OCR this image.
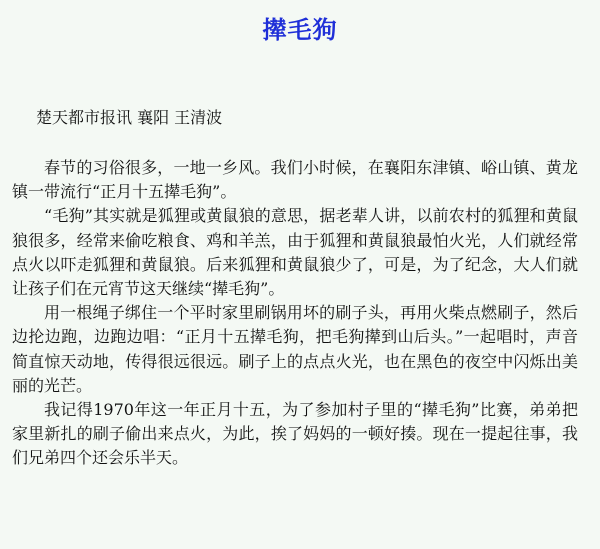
撵毛狗
楚天都市报讯 襄阳 王清波

春节的习俗很多，一地一乡风。我们小时候，在襄阳东津镇、峪山镇、黄龙镇一带流行“正月十五撵毛狗”。

“毛狗”其实就是狐狸或黄鼠狼的意思，据老辈人讲，以前农村的狐狸和黄鼠狼很多，经常来偷吃粮食、鸡和羊羔，由于狐狸和黄鼠狼最怕火光，人们就经常点火以吓走狐狸和黄鼠狼。后来狐狸和黄鼠狼少了，可是，为了纪念，大人们就让孩子们在元宵节这天继续“撵毛狗”。

用一根绳子绑住一个平时家里刷锅用坏的刷子头，再用火柴点燃刷子，然后边抡边跑，边跑边唱：“正月十五撵毛狗，把毛狗撵到山后头。”一起唱时，声音简直惊天动地，传得很远很远。刷子上的点点火光，也在黑色的夜空中闪烁出美丽的光芒。

我记得1970年这一年正月十五，为了参加村子里的“撵毛狗”比赛，弟弟把家里新扎的刷子偷出来点火，为此，挨了妈妈的一顿好揍。现在一提起往事，我们兄弟四个还会乐半天。
